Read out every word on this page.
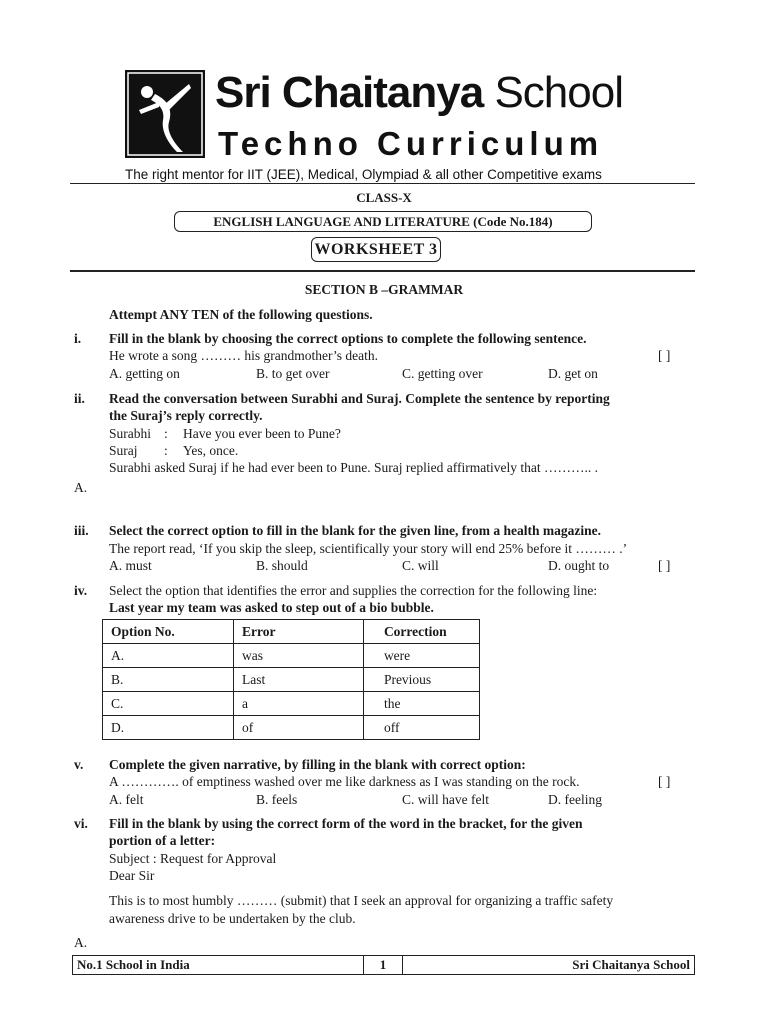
Sri Chaitanya School
Techno Curriculum
The right mentor for IIT (JEE), Medical, Olympiad & all other Competitive exams
CLASS-X
ENGLISH LANGUAGE AND LITERATURE (Code No.184)
WORKSHEET 3
SECTION B –GRAMMAR
Attempt ANY TEN of the following questions.
i. Fill in the blank by choosing the correct options to complete the following sentence.
He wrote a song ……… his grandmother’s death.	[ ]
A. getting on	B. to get over	C. getting over	D. get on
ii. Read the conversation between Surabhi and Suraj. Complete the sentence by reporting
the Suraj’s reply correctly.
Surabhi : Have you ever been to Pune?
Suraj : Yes, once.
Surabhi asked Suraj if he had ever been to Pune. Suraj replied affirmatively that ……….. .
A.
iii. Select the correct option to fill in the blank for the given line, from a health magazine.
The report read, ‘If you skip the sleep, scientifically your story will end 25% before it ……… .’
A. must	B. should	C. will	D. ought to	[ ]
iv. Select the option that identifies the error and supplies the correction for the following line:
Last year my team was asked to step out of a bio bubble.
Option No.	Error	Correction
A.	was	were
B.	Last	Previous
C.	a	the
D.	of	off
v. Complete the given narrative, by filling in the blank with correct option:
A …………. of emptiness washed over me like darkness as I was standing on the rock.	[ ]
A. felt	B. feels	C. will have felt	D. feeling
vi. Fill in the blank by using the correct form of the word in the bracket, for the given
portion of a letter:
Subject : Request for Approval
Dear Sir
This is to most humbly ……… (submit) that I seek an approval for organizing a traffic safety
awareness drive to be undertaken by the club.
A.
No.1 School in India	1	Sri Chaitanya School
